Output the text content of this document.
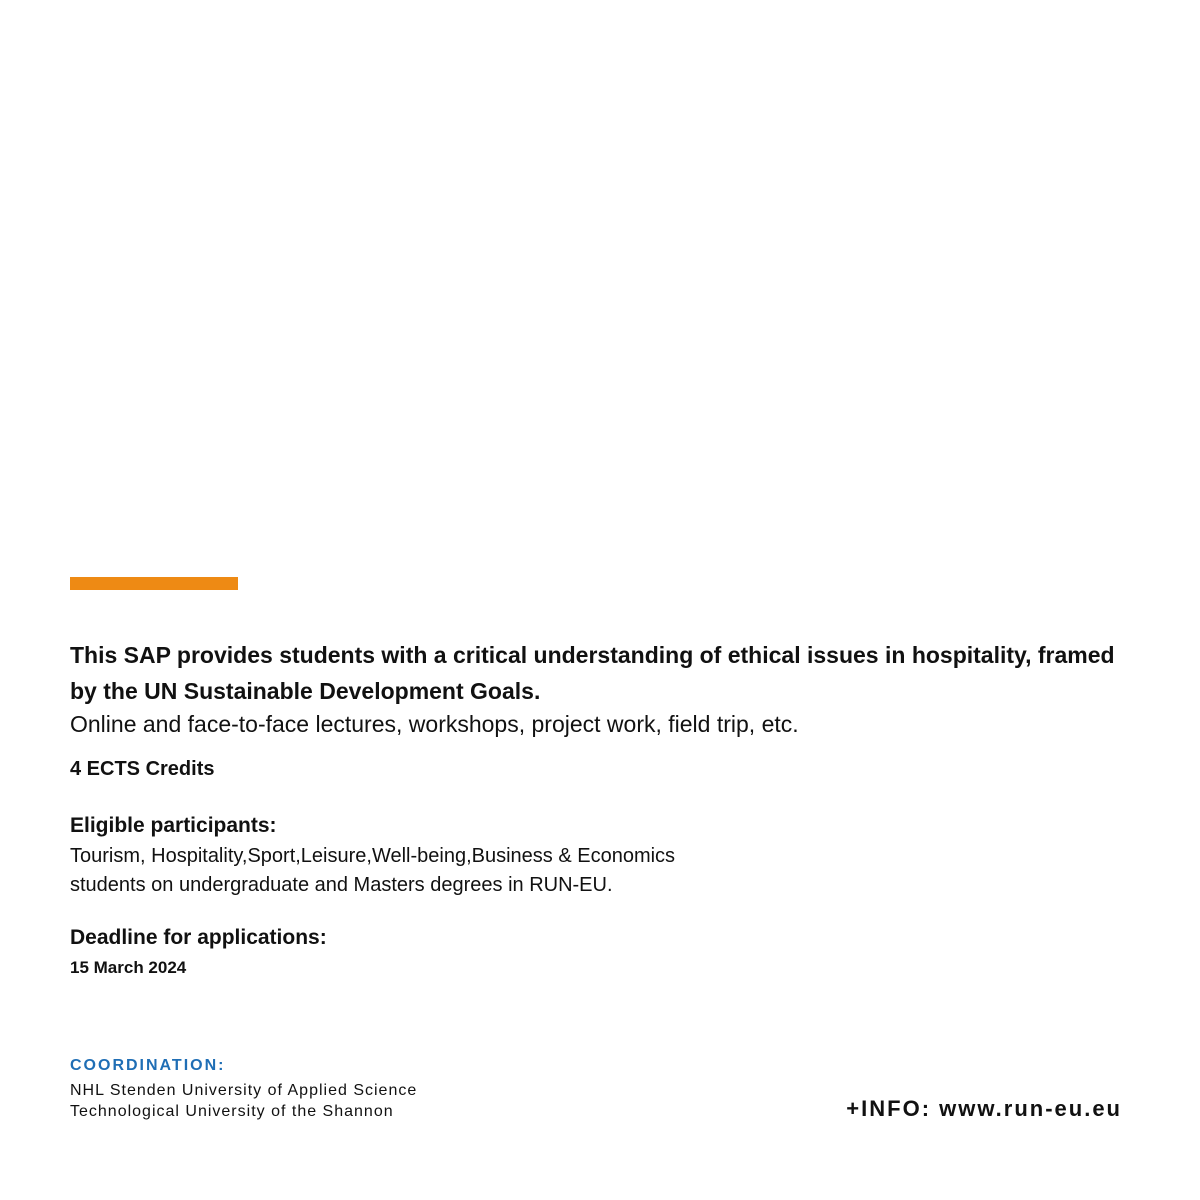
This SAP provides students with a critical understanding of ethical issues in hospitality, framed by the UN Sustainable Development Goals.

Online and face-to-face lectures, workshops, project work, field trip, etc.

4 ECTS Credits

Eligible participants:

Tourism, Hospitality,Sport,Leisure,Well-being,Business & Economics
students on undergraduate and Masters degrees in RUN-EU.

Deadline for applications:

15 March 2024

COORDINATION:

NHL Stenden University of Applied Science

Technological University of the Shannon	+INFO: www.run-eu.eu
